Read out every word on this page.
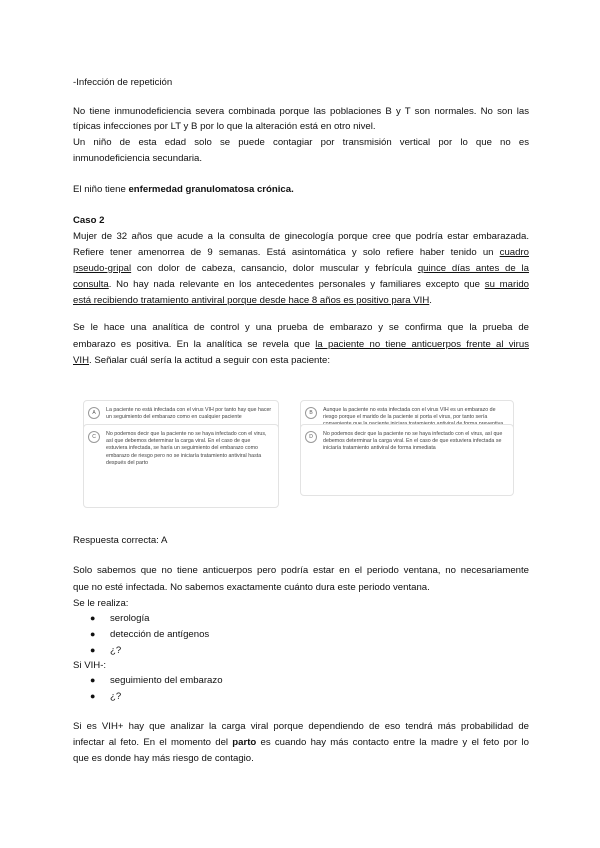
-Infección de repetición

No tiene inmunodeficiencia severa combinada porque las poblaciones B y T son normales. No son las

típicas infecciones por LT y B por lo que la alteración está en otro nivel.

Un niño de esta edad solo se puede contagiar por transmisión vertical por lo que no es

inmunodeficiencia secundaria.

El niño tiene enfermedad granulomatosa crónica.

Caso 2

Mujer de 32 años que acude a la consulta de ginecología porque cree que podría estar embarazada.

Refiere tener amenorrea de 9 semanas. Está asintomática y solo refiere haber tenido un cuadro

pseudo-gripal con dolor de cabeza, cansancio, dolor muscular y febrícula quince días antes de la

consulta. No hay nada relevante en los antecedentes personales y familiares excepto que su marido

está recibiendo tratamiento antiviral porque desde hace 8 años es positivo para VIH.

Se le hace una analítica de control y una prueba de embarazo y se confirma que la prueba de

embarazo es positiva. En la analítica se revela que la paciente no tiene anticuerpos frente al virus

VIH. Señalar cuál sería la actitud a seguir con esta paciente:

A	La paciente no está infectada con el virus VIH por tanto hay que hacer un seguimiento del embarazo como en cualquier paciente
B	Aunque la paciente no esta infectada con el virus VIH es un embarazo de riesgo porque el marido de la paciente si porta el virus, por tanto sería
C	No podemos decir que la paciente no se haya infectado con el virus, así que debemos determinar la carga viral. En el caso de que estuviera infectada, se haría un seguimiento del embarazo como embarazo de riesgo pero no se iniciaría tratamiento antiviral hasta después del parto
D	No podemos decir que la paciente no se haya infectado con el virus, así que debemos determinar la carga viral. En el caso de que estuviera infectada se iniciaría tratamiento antiviral de forma inmediata

Respuesta correcta: A

Solo sabemos que no tiene anticuerpos pero podría estar en el periodo ventana, no necesariamente

que no esté infectada. No sabemos exactamente cuánto dura este periodo ventana.

Se le realiza:

● serología
● detección de antígenos
● ¿?

Si VIH-:

● seguimiento del embarazo
● ¿?

Si es VIH+ hay que analizar la carga viral porque dependiendo de eso tendrá más probabilidad de

infectar al feto. En el momento del parto es cuando hay más contacto entre la madre y el feto por lo

que es donde hay más riesgo de contagio.
